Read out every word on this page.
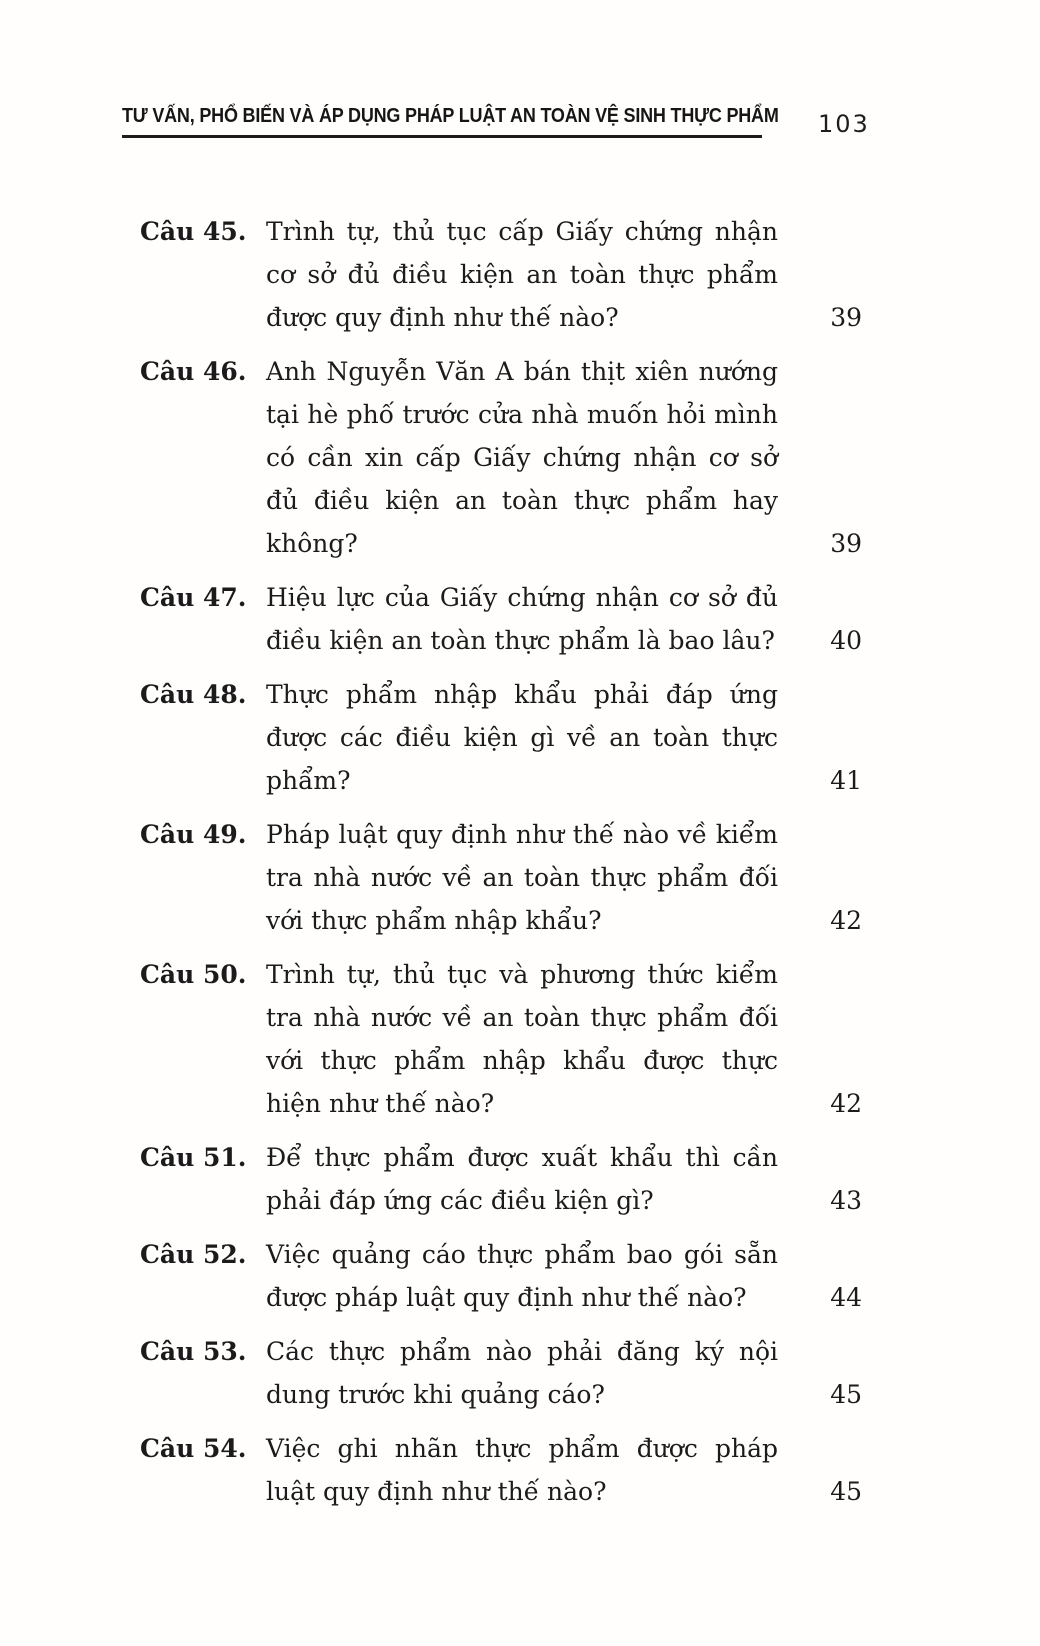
TƯ VẤN, PHỔ BIẾN VÀ ÁP DỤNG PHÁP LUẬT AN TOÀN VỆ SINH THỰC PHẨM 103
Câu 45. Trình tự, thủ tục cấp Giấy chứng nhận cơ sở đủ điều kiện an toàn thực phẩm được quy định như thế nào?	39
Câu 46. Anh Nguyễn Văn A bán thịt xiên nướng tại hè phố trước cửa nhà muốn hỏi mình có cần xin cấp Giấy chứng nhận cơ sở đủ điều kiện an toàn thực phẩm hay không?	39
Câu 47. Hiệu lực của Giấy chứng nhận cơ sở đủ điều kiện an toàn thực phẩm là bao lâu?	40
Câu 48. Thực phẩm nhập khẩu phải đáp ứng được các điều kiện gì về an toàn thực phẩm?	41
Câu 49. Pháp luật quy định như thế nào về kiểm tra nhà nước về an toàn thực phẩm đối với thực phẩm nhập khẩu?	42
Câu 50. Trình tự, thủ tục và phương thức kiểm tra nhà nước về an toàn thực phẩm đối với thực phẩm nhập khẩu được thực hiện như thế nào?	42
Câu 51. Để thực phẩm được xuất khẩu thì cần phải đáp ứng các điều kiện gì?	43
Câu 52. Việc quảng cáo thực phẩm bao gói sẵn được pháp luật quy định như thế nào?	44
Câu 53. Các thực phẩm nào phải đăng ký nội dung trước khi quảng cáo?	45
Câu 54. Việc ghi nhãn thực phẩm được pháp luật quy định như thế nào?	45
